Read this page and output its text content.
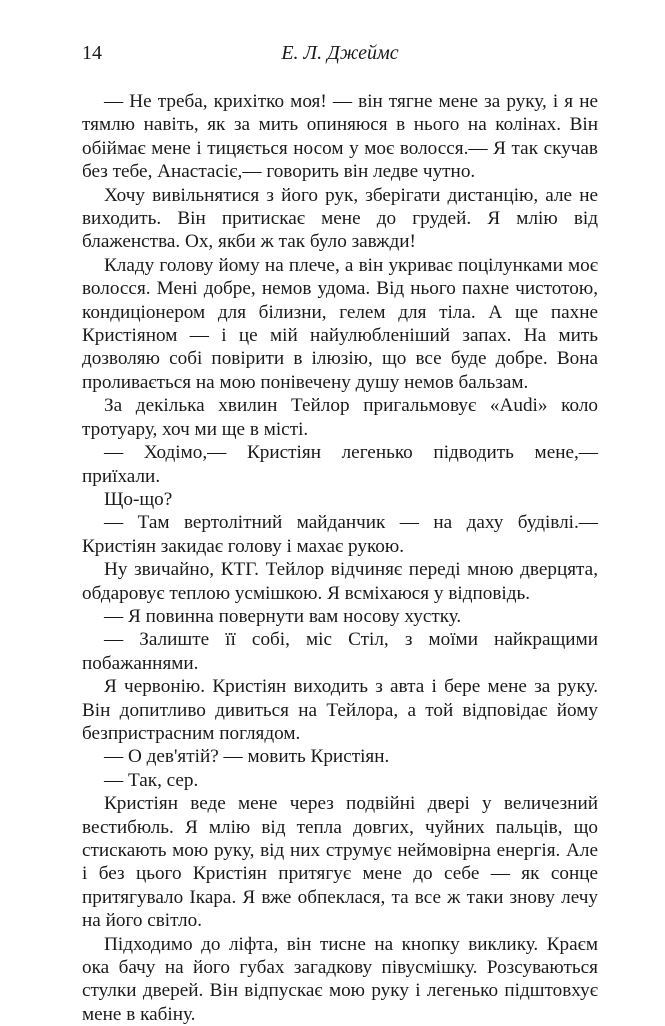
14	Е. Л. Джеймс

— Не треба, крихітко моя! — він тягне мене за руку, і я не тямлю навіть, як за мить опиняюся в нього на колінах. Він обіймає мене і тицяється носом у моє волосся.— Я так скучав без тебе, Анастасіє,— говорить він ледве чутно.

Хочу вивільнятися з його рук, зберігати дистанцію, але не виходить. Він притискає мене до грудей. Я млію від блаженства. Ох, якби ж так було завжди!

Кладу голову йому на плече, а він укриває поцілунками моє волосся. Мені добре, немов удома. Від нього пахне чистотою, кондиціонером для білизни, гелем для тіла. А ще пахне Кристіяном — і це мій найулюбленіший запах. На мить дозволяю собі повірити в ілюзію, що все буде добре. Вона проливається на мою понівечену душу немов бальзам.

За декілька хвилин Тейлор пригальмовує «Audi» коло тротуару, хоч ми ще в місті.

— Ходімо,— Кристіян легенько підводить мене,— приїхали.

Що-що?

— Там вертолітний майданчик — на даху будівлі.— Кристіян закидає голову і махає рукою.

Ну звичайно, КТГ. Тейлор відчиняє переді мною дверцята, обдаровує теплою усмішкою. Я всміхаюся у відповідь.

— Я повинна повернути вам носову хустку.

— Залиште її собі, міс Стіл, з моїми найкращими побажаннями.

Я червонію. Кристіян виходить з авта і бере мене за руку. Він допитливо дивиться на Тейлора, а той відповідає йому безпристрасним поглядом.

— О дев'ятій? — мовить Кристіян.

— Так, сер.

Кристіян веде мене через подвійні двері у величезний вестибюль. Я млію від тепла довгих, чуйних пальців, що стискають мою руку, від них струмує неймовірна енергія. Але і без цього Кристіян притягує мене до себе — як сонце притягувало Ікара. Я вже обпеклася, та все ж таки знову лечу на його світло.

Підходимо до ліфта, він тисне на кнопку виклику. Краєм ока бачу на його губах загадкову півусмішку. Розсуваються стулки дверей. Він відпускає мою руку і легенько підштовхує мене в кабіну.
